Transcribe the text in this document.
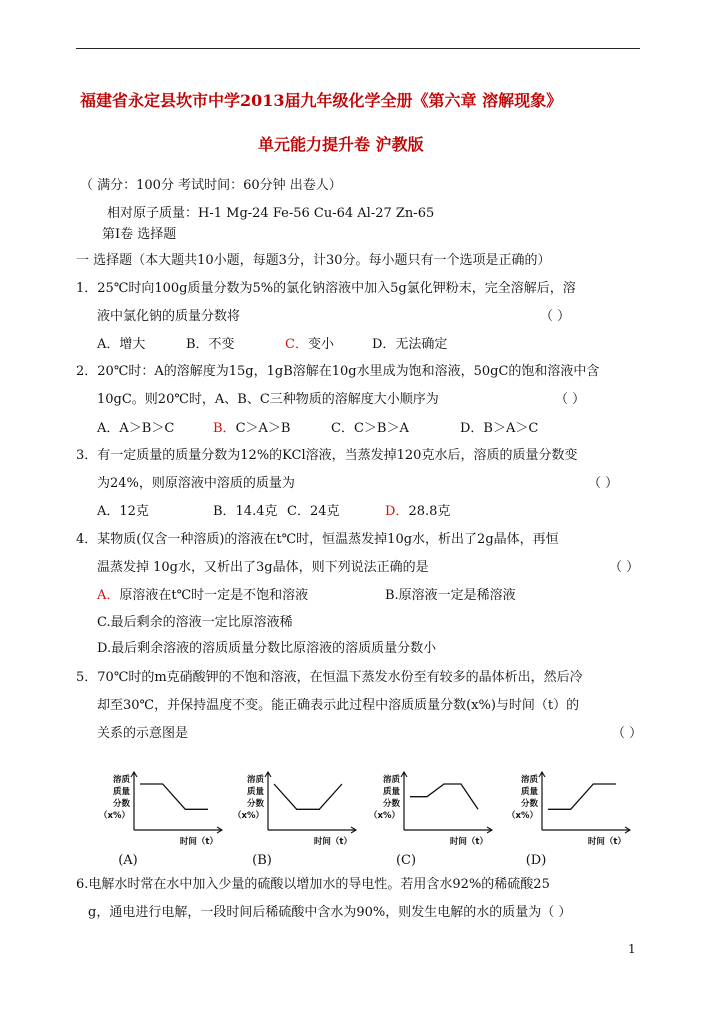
福建省永定县坎市中学2013届九年级化学全册《第六章 溶解现象》
单元能力提升卷 沪教版
（ 满分：100分 考试时间：60分钟 出卷人）
相对原子质量：H-1 Mg-24 Fe-56 Cu-64 Al-27 Zn-65
第Ⅰ卷 选择题
一 选择题（本大题共10小题，每题3分，计30分。每小题只有一个选项是正确的）
1．25℃时向100g质量分数为5%的氯化钠溶液中加入5g氯化钾粉末，完全溶解后，溶
液中氯化钠的质量分数将	（ ）
A．增大	B．不变	C．变小	D．无法确定
2．20℃时：A的溶解度为15g，1gB溶解在10g水里成为饱和溶液，50gC的饱和溶液中含
10gC。则20℃时，A、B、C三种物质的溶解度大小顺序为	（ ）
A．A＞B＞C	B．C＞A＞B	C．C＞B＞A	D．B＞A＞C
3．有一定质量的质量分数为12%的KCl溶液，当蒸发掉120克水后，溶质的质量分数变
为24%，则原溶液中溶质的质量为	（ ）
A．12克	B．14.4克 C．24克	D．28.8克
4．某物质(仅含一种溶质)的溶液在t℃时，恒温蒸发掉10g水，析出了2g晶体，再恒
温蒸发掉 10g水，又析出了3g晶体，则下列说法正确的是	（ ）
A．原溶液在t℃时一定是不饱和溶液	B.原溶液一定是稀溶液
C.最后剩余的溶液一定比原溶液稀
D.最后剩余溶液的溶质质量分数比原溶液的溶质质量分数小
5．70℃时的m克硝酸钾的不饱和溶液，在恒温下蒸发水份至有较多的晶体析出，然后冷
却至30℃，并保持温度不变。能正确表示此过程中溶质质量分数(x%)与时间（t）的
关系的示意图是	（ ）
溶质
质量
分数
（x%）
时间（t）
(A)
溶质
质量
分数
（x%）
时间（t）
(B)
溶质
质量
分数
（x%）
时间（t）
(C)
溶质
质量
分数
（x%）
时间（t）
(D)
6.电解水时常在水中加入少量的硫酸以增加水的导电性。若用含水92%的稀硫酸25
g，通电进行电解，一段时间后稀硫酸中含水为90%，则发生电解的水的质量为（ ）
1
